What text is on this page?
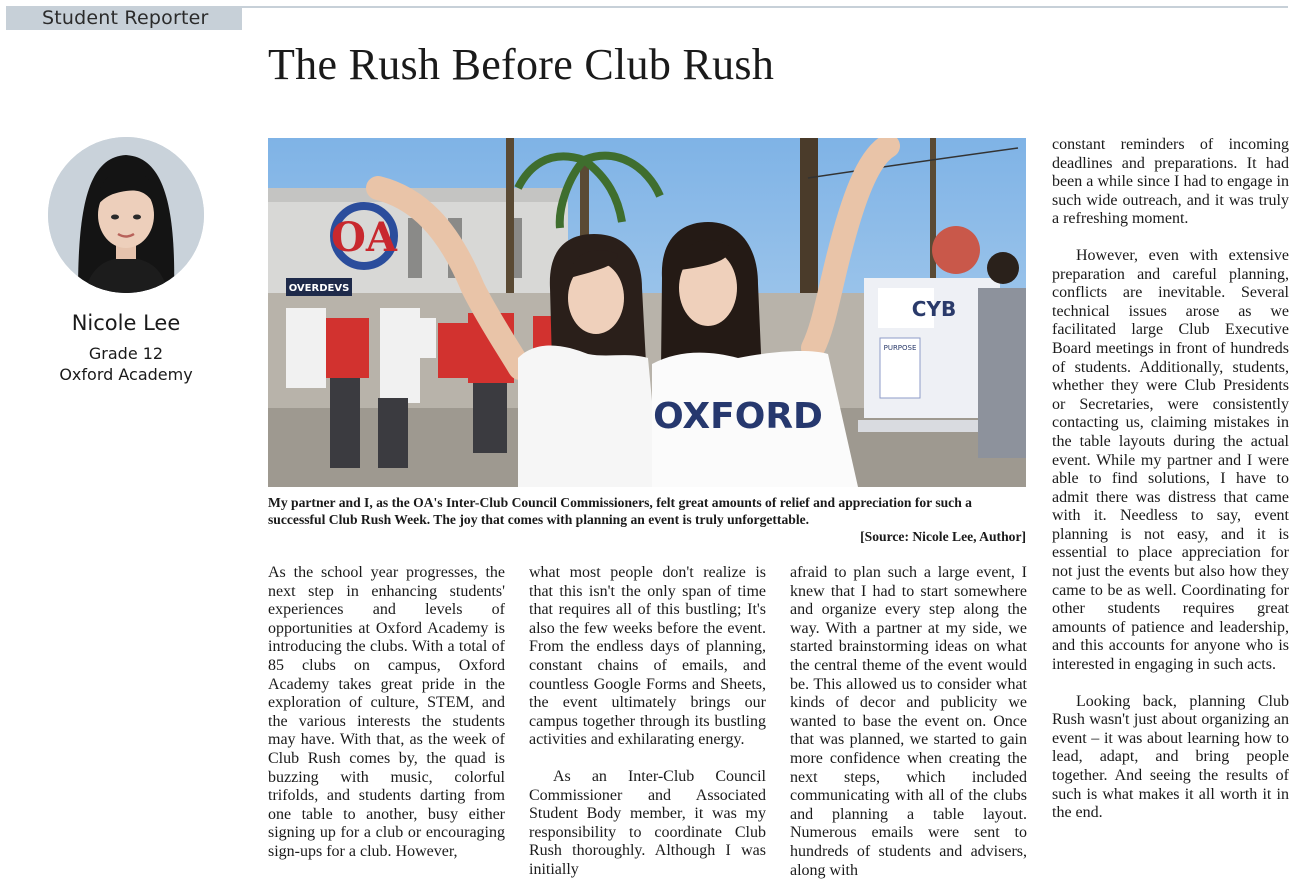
Student Reporter
The Rush Before Club Rush
Nicole Lee
Grade 12
Oxford Academy
OA
OVERDEVS
CYB
PURPOSE
OXFORD
My partner and I, as the OA's Inter-Club Council Commissioners, felt great amounts of relief and appreciation for such a successful Club Rush Week. The joy that comes with planning an event is truly unforgettable.
[Source: Nicole Lee, Author]

As the school year progresses, the next step in enhancing students' experiences and levels of opportunities at Oxford Academy is introducing the clubs. With a total of 85 clubs on campus, Oxford Academy takes great pride in the exploration of culture, STEM, and the various interests the students may have. With that, as the week of Club Rush comes by, the quad is buzzing with music, colorful trifolds, and students darting from one table to another, busy either signing up for a club or encouraging sign-ups for a club. However,

what most people don't realize is that this isn't the only span of time that requires all of this bustling; It's also the few weeks before the event. From the endless days of planning, constant chains of emails, and countless Google Forms and Sheets, the event ultimately brings our campus together through its bustling activities and exhilarating energy.

As an Inter-Club Council Commissioner and Associated Student Body member, it was my responsibility to coordinate Club Rush thoroughly. Although I was initially

afraid to plan such a large event, I knew that I had to start somewhere and organize every step along the way. With a partner at my side, we started brainstorming ideas on what the central theme of the event would be. This allowed us to consider what kinds of decor and publicity we wanted to base the event on. Once that was planned, we started to gain more confidence when creating the next steps, which included communicating with all of the clubs and planning a table layout. Numerous emails were sent to hundreds of students and advisers, along with

constant reminders of incoming deadlines and preparations. It had been a while since I had to engage in such wide outreach, and it was truly a refreshing moment.

However, even with extensive preparation and careful planning, conflicts are inevitable. Several technical issues arose as we facilitated large Club Executive Board meetings in front of hundreds of students. Additionally, students, whether they were Club Presidents or Secretaries, were consistently contacting us, claiming mistakes in the table layouts during the actual event. While my partner and I were able to find solutions, I have to admit there was distress that came with it. Needless to say, event planning is not easy, and it is essential to place appreciation for not just the events but also how they came to be as well. Coordinating for other students requires great amounts of patience and leadership, and this accounts for anyone who is interested in engaging in such acts.

Looking back, planning Club Rush wasn't just about organizing an event – it was about learning how to lead, adapt, and bring people together. And seeing the results of such is what makes it all worth it in the end.
